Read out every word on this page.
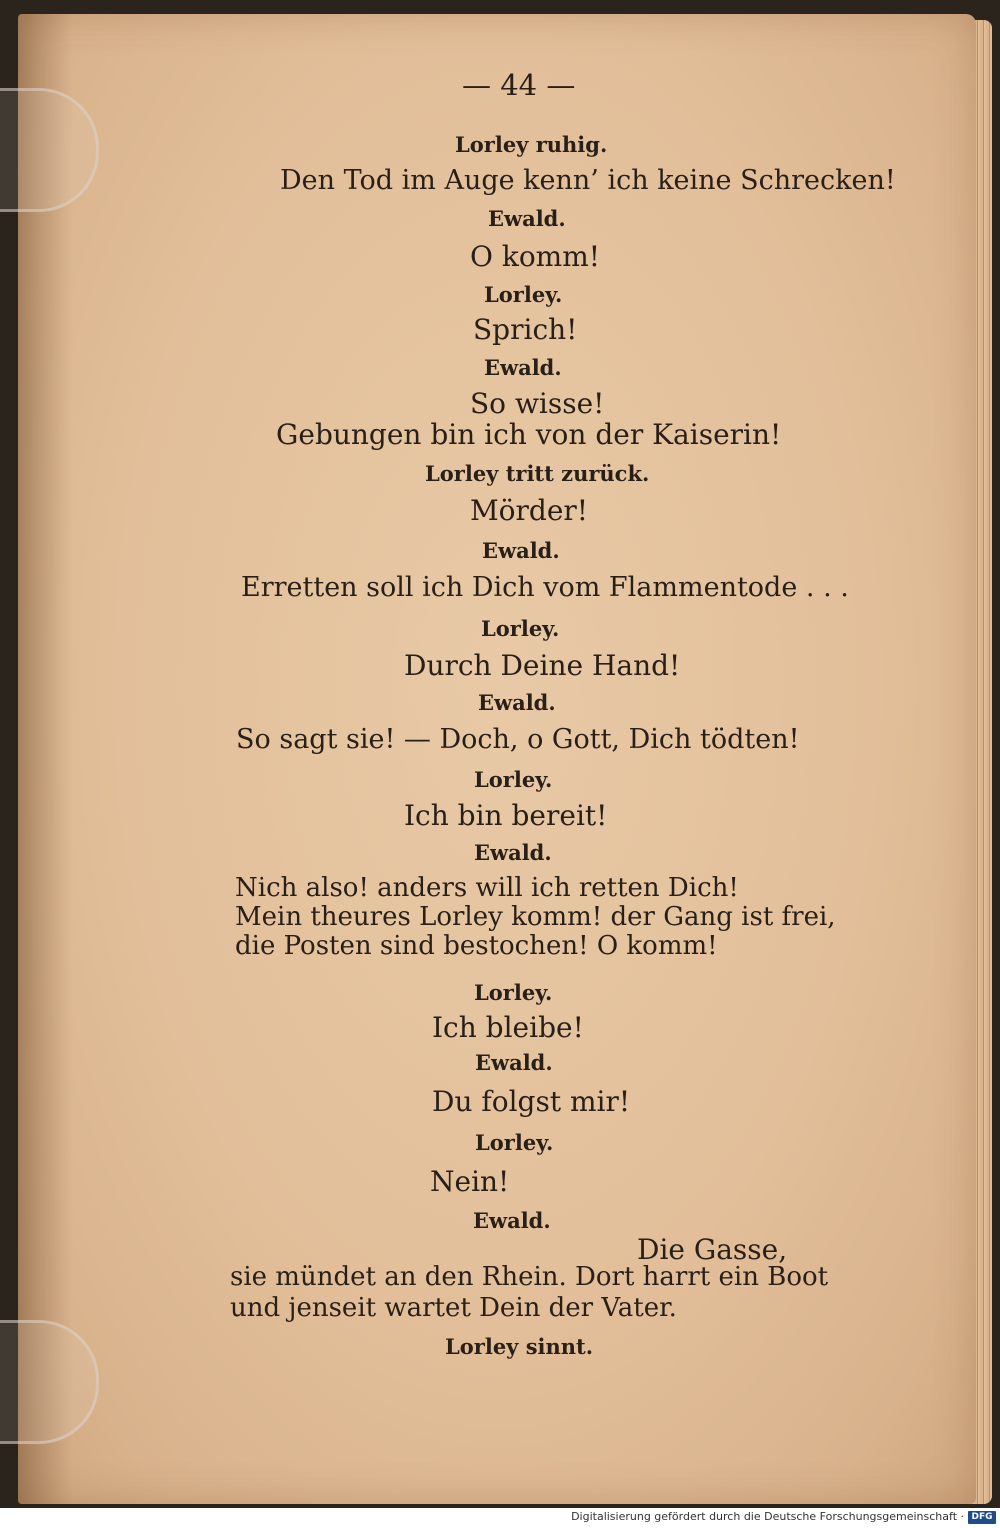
— 44 —
Lorley ruhig.
Den Tod im Auge kenn’ ich keine Schrecken!
Ewald.
O komm!
Lorley.
Sprich!
Ewald.
So wisse!
Gebungen bin ich von der Kaiserin!
Lorley tritt zurück.
Mörder!
Ewald.
Erretten soll ich Dich vom Flammentode . . .
Lorley.
Durch Deine Hand!
Ewald.
So sagt sie! — Doch, o Gott, Dich tödten!
Lorley.
Ich bin bereit!
Ewald.
Nich also! anders will ich retten Dich!
Mein theures Lorley komm! der Gang ist frei,
die Posten sind bestochen! O komm!
Lorley.
Ich bleibe!
Ewald.
Du folgst mir!
Lorley.
Nein!
Ewald.
Die Gasse,
sie mündet an den Rhein. Dort harrt ein Boot
und jenseit wartet Dein der Vater.
Lorley sinnt.
Digitalisierung gefördert durch die Deutsche Forschungsgemeinschaft · DFG
